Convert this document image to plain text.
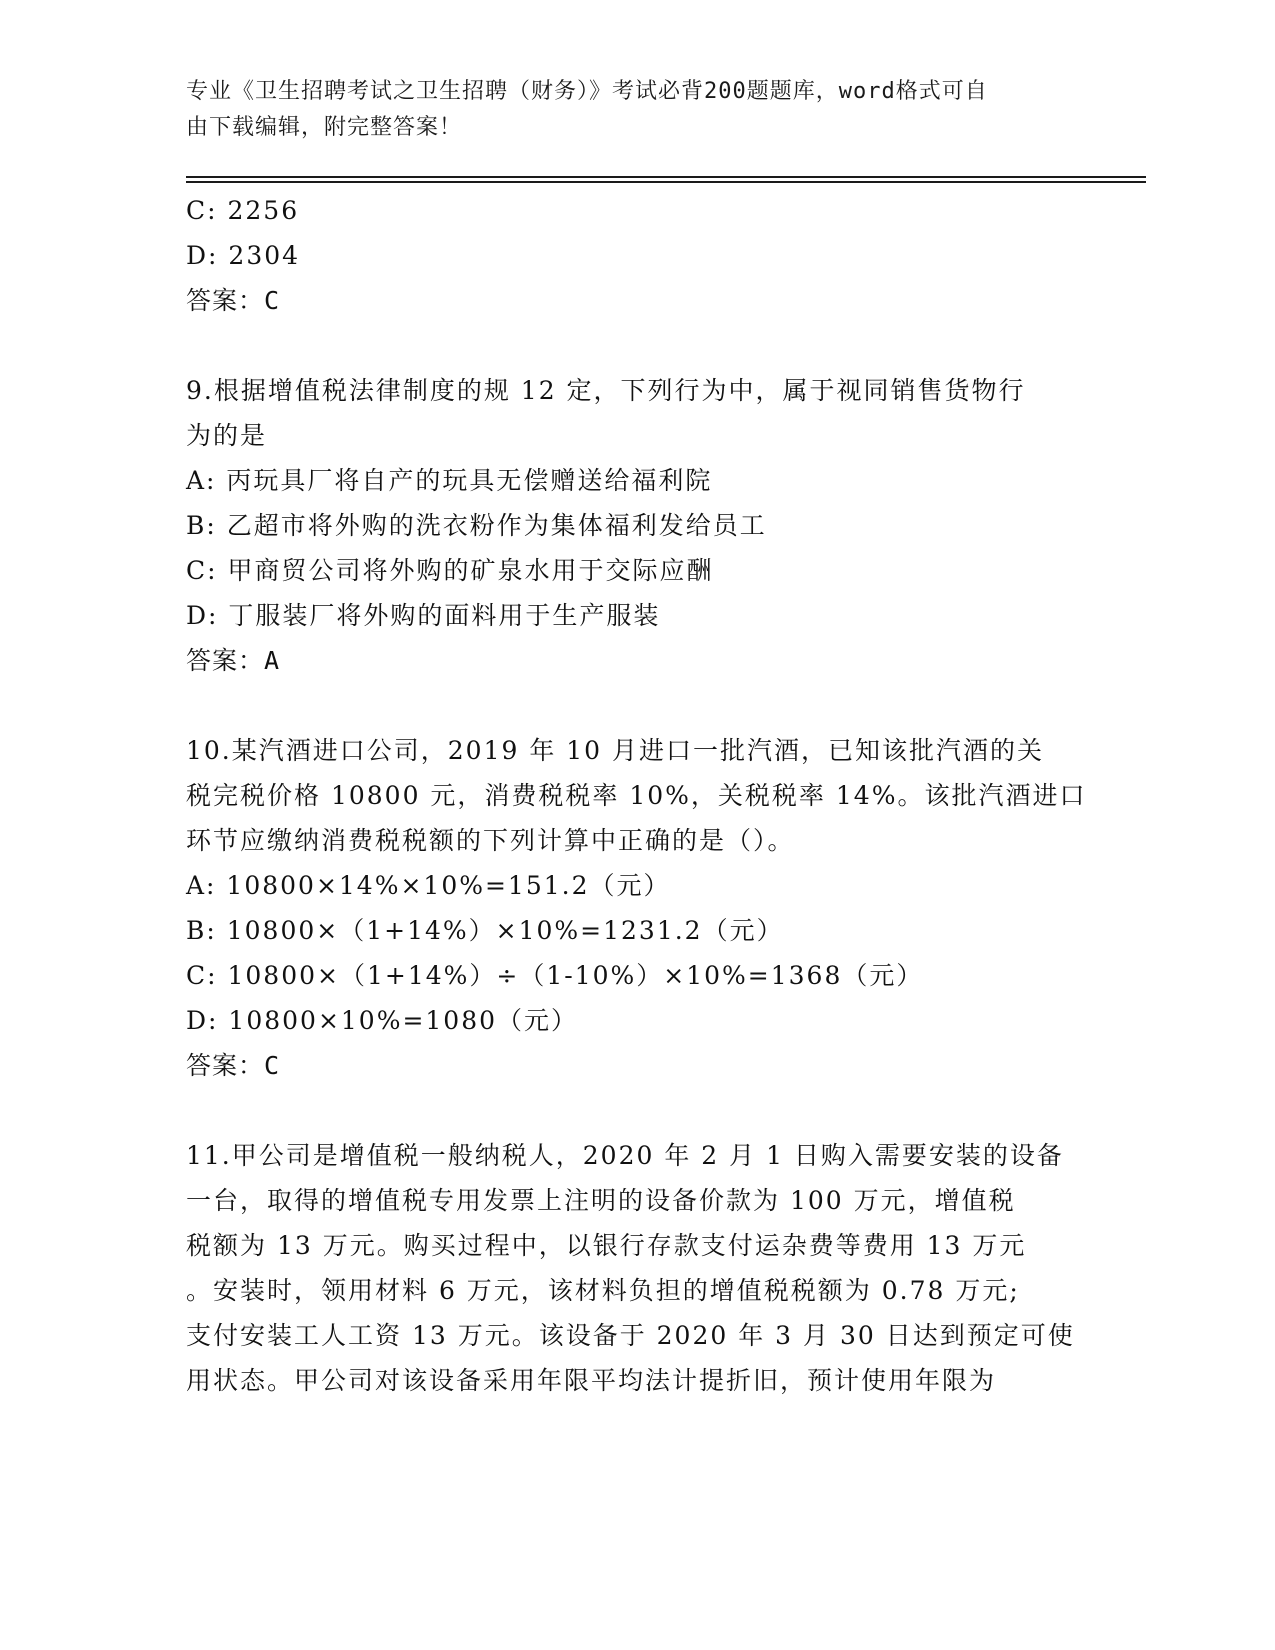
专业《卫生招聘考试之卫生招聘（财务）》考试必背200题题库，word格式可自
由下载编辑，附完整答案！
C: 2256
D: 2304
答案：C
9.根据增值税法律制度的规 12 定，下列行为中，属于视同销售货物行
为的是
A: 丙玩具厂将自产的玩具无偿赠送给福利院
B: 乙超市将外购的洗衣粉作为集体福利发给员工
C: 甲商贸公司将外购的矿泉水用于交际应酬
D: 丁服装厂将外购的面料用于生产服装
答案：A
10.某汽酒进口公司，2019 年 10 月进口一批汽酒，已知该批汽酒的关
税完税价格 10800 元，消费税税率 10%，关税税率 14%。该批汽酒进口
环节应缴纳消费税税额的下列计算中正确的是（）。
A: 10800×14%×10%=151.2（元）
B: 10800×（1+14%）×10%=1231.2（元）
C: 10800×（1+14%）÷（1-10%）×10%=1368（元）
D: 10800×10%=1080（元）
答案：C
11.甲公司是增值税一般纳税人，2020 年 2 月 1 日购入需要安装的设备
一台，取得的增值税专用发票上注明的设备价款为 100 万元，增值税
税额为 13 万元。购买过程中，以银行存款支付运杂费等费用 13 万元
。安装时，领用材料 6 万元，该材料负担的增值税税额为 0.78 万元;
支付安装工人工资 13 万元。该设备于 2020 年 3 月 30 日达到预定可使
用状态。甲公司对该设备采用年限平均法计提折旧，预计使用年限为
